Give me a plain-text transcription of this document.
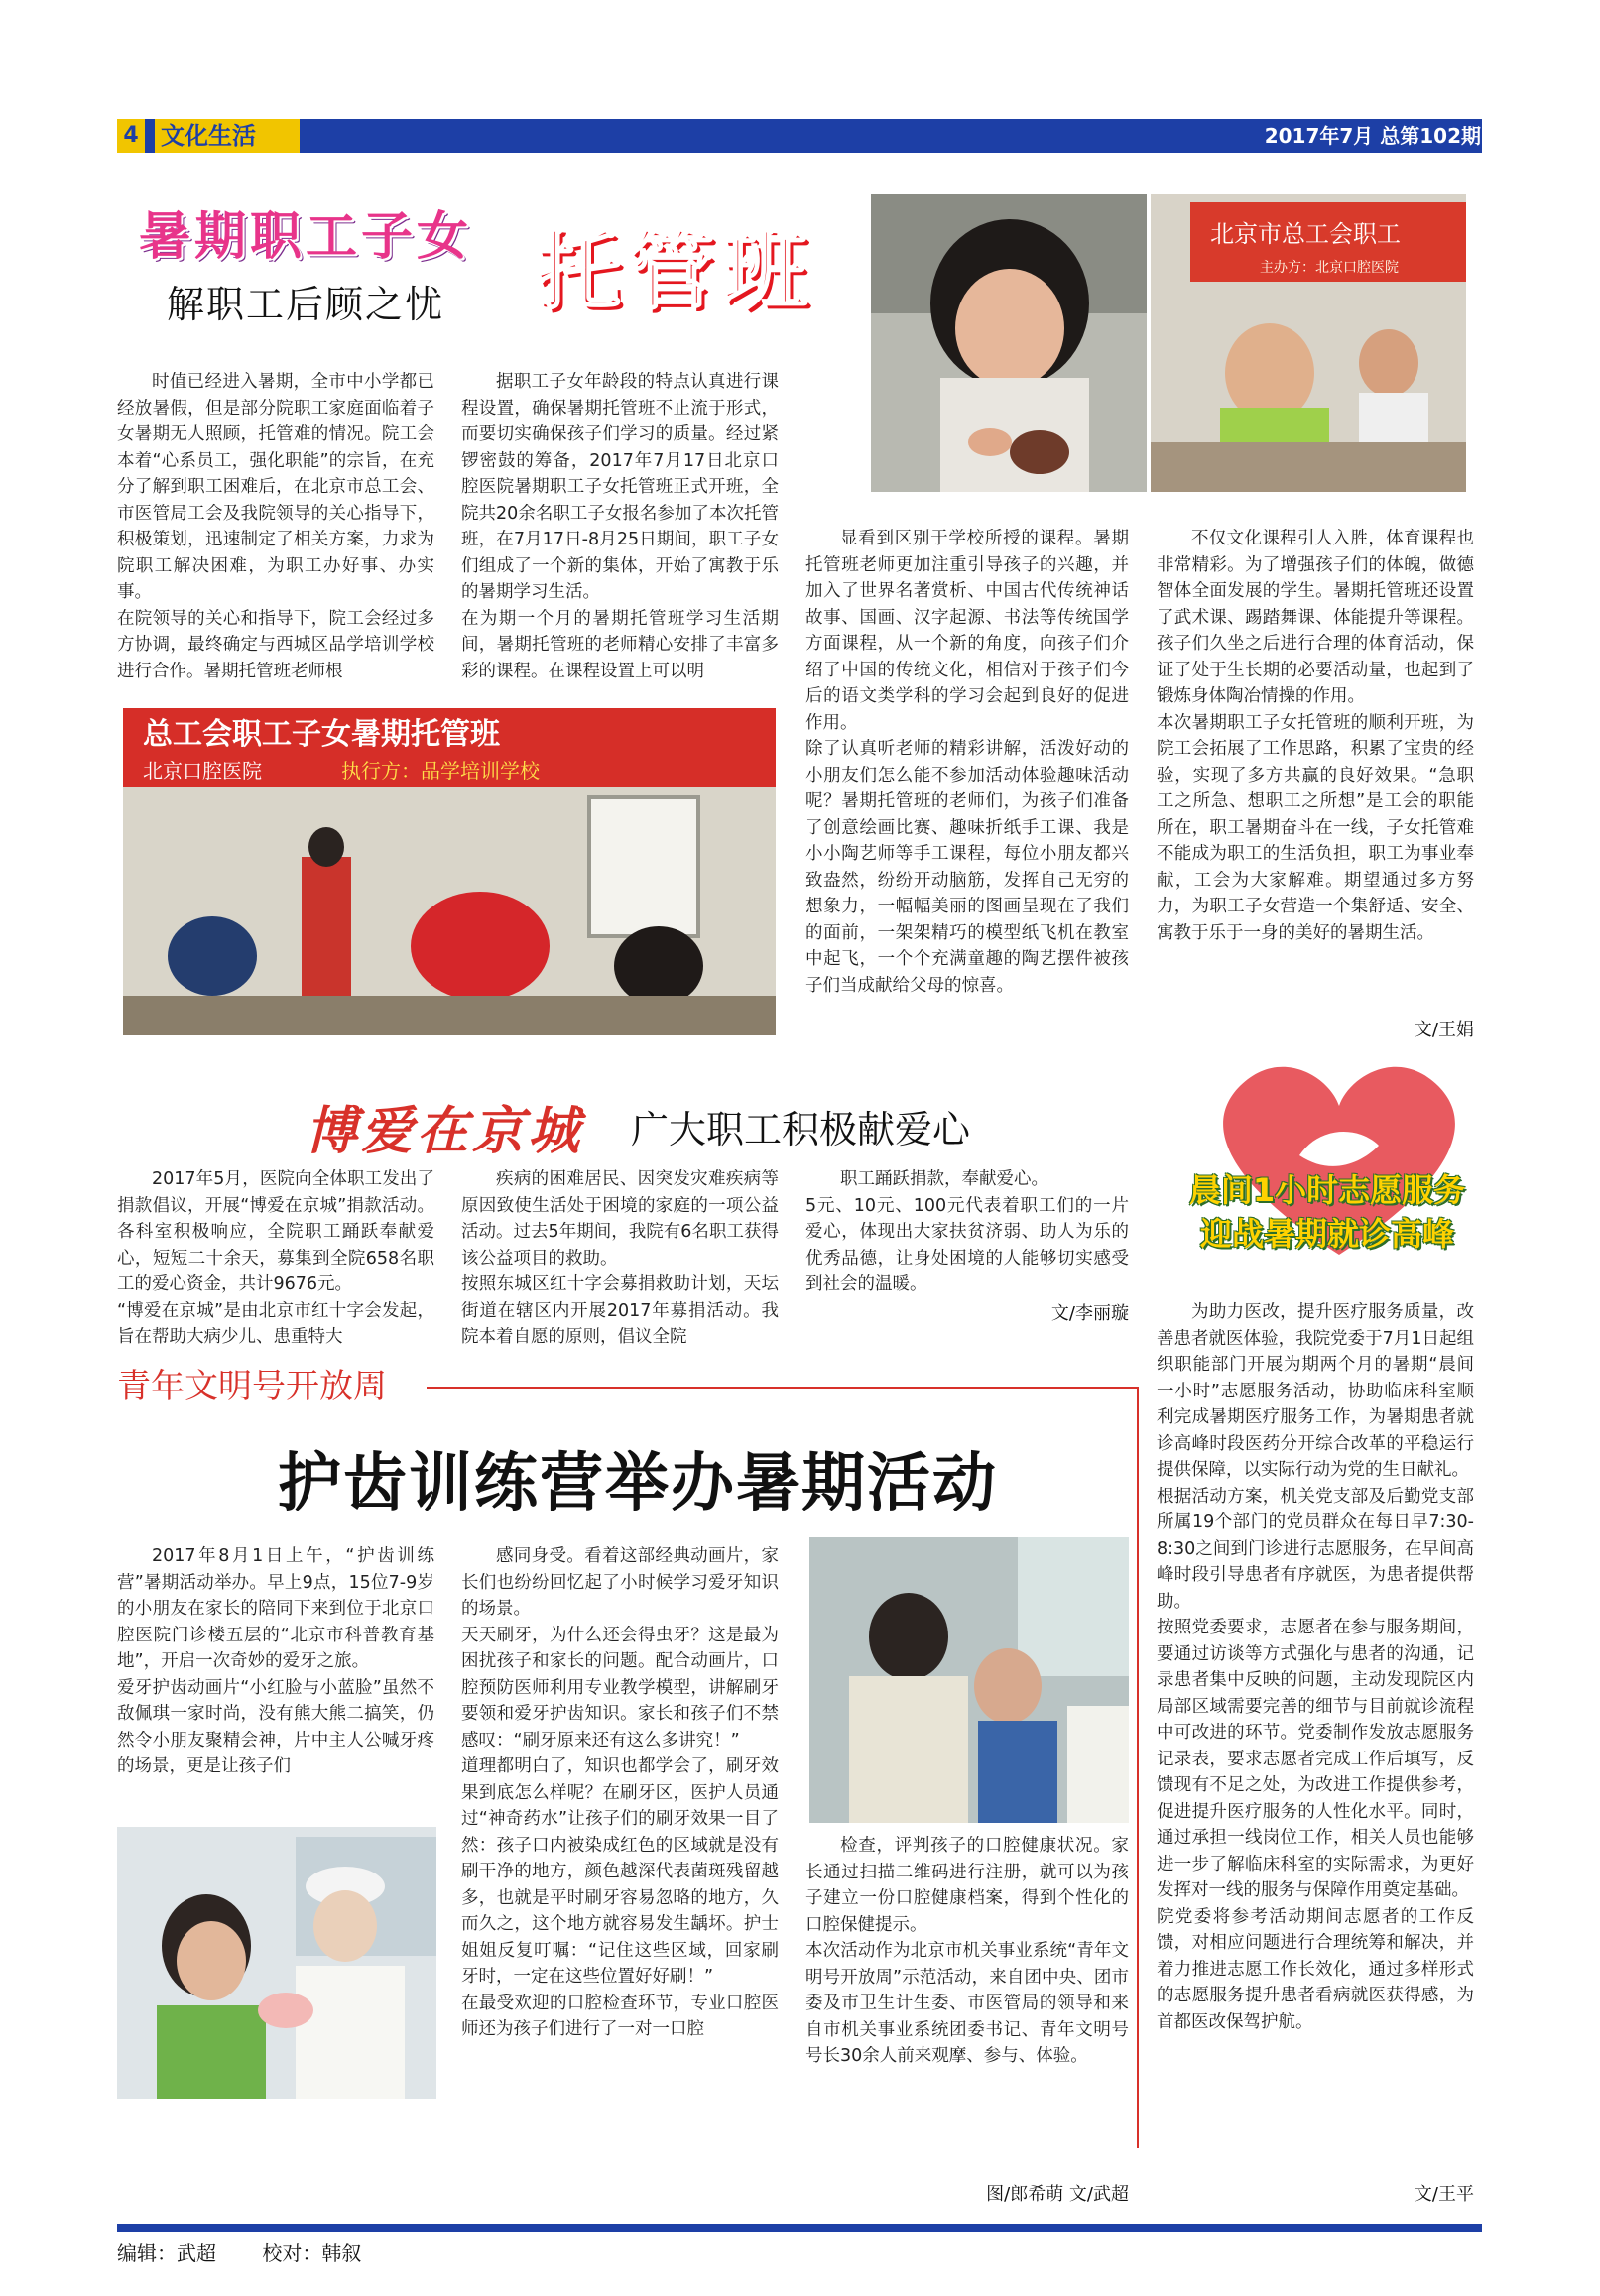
4 文化生活	2017年7月 总第102期
暑期职工子女 托管班
解职工后顾之忧
北京市总工会职工
主办方：北京口腔医院
时值已经进入暑期，全市中小学都已经放暑假，但是部分院职工家庭面临着子女暑期无人照顾，托管难的情况。院工会本着“心系员工，强化职能”的宗旨，在充分了解到职工困难后，在北京市总工会、市医管局工会及我院领导的关心指导下，积极策划，迅速制定了相关方案，力求为院职工解决困难，为职工办好事、办实事。
在院领导的关心和指导下，院工会经过多方协调，最终确定与西城区品学培训学校进行合作。暑期托管班老师根
据职工子女年龄段的特点认真进行课程设置，确保暑期托管班不止流于形式，而要切实确保孩子们学习的质量。经过紧锣密鼓的筹备，2017年7月17日北京口腔医院暑期职工子女托管班正式开班，全院共20余名职工子女报名参加了本次托管班，在7月17日-8月25日期间，职工子女们组成了一个新的集体，开始了寓教于乐的暑期学习生活。
在为期一个月的暑期托管班学习生活期间，暑期托管班的老师精心安排了丰富多彩的课程。在课程设置上可以明
显看到区别于学校所授的课程。暑期托管班老师更加注重引导孩子的兴趣，并加入了世界名著赏析、中国古代传统神话故事、国画、汉字起源、书法等传统国学方面课程，从一个新的角度，向孩子们介绍了中国的传统文化，相信对于孩子们今后的语文类学科的学习会起到良好的促进作用。
除了认真听老师的精彩讲解，活泼好动的小朋友们怎么能不参加活动体验趣味活动呢？暑期托管班的老师们，为孩子们准备了创意绘画比赛、趣味折纸手工课、我是小小陶艺师等手工课程，每位小朋友都兴致盎然，纷纷开动脑筋，发挥自己无穷的想象力，一幅幅美丽的图画呈现在了我们的面前，一架架精巧的模型纸飞机在教室中起飞，一个个充满童趣的陶艺摆件被孩子们当成献给父母的惊喜。
不仅文化课程引人入胜，体育课程也非常精彩。为了增强孩子们的体魄，做德智体全面发展的学生。暑期托管班还设置了武术课、踢踏舞课、体能提升等课程。孩子们久坐之后进行合理的体育活动，保证了处于生长期的必要活动量，也起到了锻炼身体陶冶情操的作用。
本次暑期职工子女托管班的顺利开班，为院工会拓展了工作思路，积累了宝贵的经验，实现了多方共赢的良好效果。“急职工之所急、想职工之所想”是工会的职能所在，职工暑期奋斗在一线，子女托管难不能成为职工的生活负担，职工为事业奉献，工会为大家解难。期望通过多方努力，为职工子女营造一个集舒适、安全、寓教于乐于一身的美好的暑期生活。
文/王娟
总工会职工子女暑期托管班
北京口腔医院	执行方：品学培训学校
博爱在京城 广大职工积极献爱心
2017年5月，医院向全体职工发出了捐款倡议，开展“博爱在京城”捐款活动。各科室积极响应，全院职工踊跃奉献爱心，短短二十余天，募集到全院658名职工的爱心资金，共计9676元。
“博爱在京城”是由北京市红十字会发起，旨在帮助大病少儿、患重特大
疾病的困难居民、因突发灾难疾病等原因致使生活处于困境的家庭的一项公益活动。过去5年期间，我院有6名职工获得该公益项目的救助。
按照东城区红十字会募捐救助计划，天坛街道在辖区内开展2017年募捐活动。我院本着自愿的原则，倡议全院
职工踊跃捐款，奉献爱心。
5元、10元、100元代表着职工们的一片爱心，体现出大家扶贫济弱、助人为乐的优秀品德，让身处困境的人能够切实感受到社会的温暖。
文/李丽璇
晨间1小时志愿服务
迎战暑期就诊高峰
为助力医改，提升医疗服务质量，改善患者就医体验，我院党委于7月1日起组织职能部门开展为期两个月的暑期“晨间一小时”志愿服务活动，协助临床科室顺利完成暑期医疗服务工作，为暑期患者就诊高峰时段医药分开综合改革的平稳运行提供保障，以实际行动为党的生日献礼。
根据活动方案，机关党支部及后勤党支部所属19个部门的党员群众在每日早7:30-8:30之间到门诊进行志愿服务，在早间高峰时段引导患者有序就医，为患者提供帮助。
按照党委要求，志愿者在参与服务期间，要通过访谈等方式强化与患者的沟通，记录患者集中反映的问题，主动发现院区内局部区域需要完善的细节与目前就诊流程中可改进的环节。党委制作发放志愿服务记录表，要求志愿者完成工作后填写，反馈现有不足之处，为改进工作提供参考，促进提升医疗服务的人性化水平。同时，通过承担一线岗位工作，相关人员也能够进一步了解临床科室的实际需求，为更好发挥对一线的服务与保障作用奠定基础。
院党委将参考活动期间志愿者的工作反馈，对相应问题进行合理统筹和解决，并着力推进志愿工作长效化，通过多样形式的志愿服务提升患者看病就医获得感，为首都医改保驾护航。
文/王平
青年文明号开放周
护齿训练营举办暑期活动
2017年8月1日上午，“护齿训练营”暑期活动举办。早上9点，15位7-9岁的小朋友在家长的陪同下来到位于北京口腔医院门诊楼五层的“北京市科普教育基地”，开启一次奇妙的爱牙之旅。
爱牙护齿动画片“小红脸与小蓝脸”虽然不敌佩琪一家时尚，没有熊大熊二搞笑，仍然令小朋友聚精会神，片中主人公喊牙疼的场景，更是让孩子们
感同身受。看着这部经典动画片，家长们也纷纷回忆起了小时候学习爱牙知识的场景。
天天刷牙，为什么还会得虫牙？这是最为困扰孩子和家长的问题。配合动画片，口腔预防医师利用专业教学模型，讲解刷牙要领和爱牙护齿知识。家长和孩子们不禁感叹：“刷牙原来还有这么多讲究！”
道理都明白了，知识也都学会了，刷牙效果到底怎么样呢？在刷牙区，医护人员通过“神奇药水”让孩子们的刷牙效果一目了然：孩子口内被染成红色的区域就是没有刷干净的地方，颜色越深代表菌斑残留越多，也就是平时刷牙容易忽略的地方，久而久之，这个地方就容易发生龋坏。护士姐姐反复叮嘱：“记住这些区域，回家刷牙时，一定在这些位置好好刷！”
在最受欢迎的口腔检查环节，专业口腔医师还为孩子们进行了一对一口腔
检查，评判孩子的口腔健康状况。家长通过扫描二维码进行注册，就可以为孩子建立一份口腔健康档案，得到个性化的口腔保健提示。
本次活动作为北京市机关事业系统“青年文明号开放周”示范活动，来自团中央、团市委及市卫生计生委、市医管局的领导和来自市机关事业系统团委书记、青年文明号号长30余人前来观摩、参与、体验。
图/郎希萌 文/武超
编辑：武超 校对：韩叙
